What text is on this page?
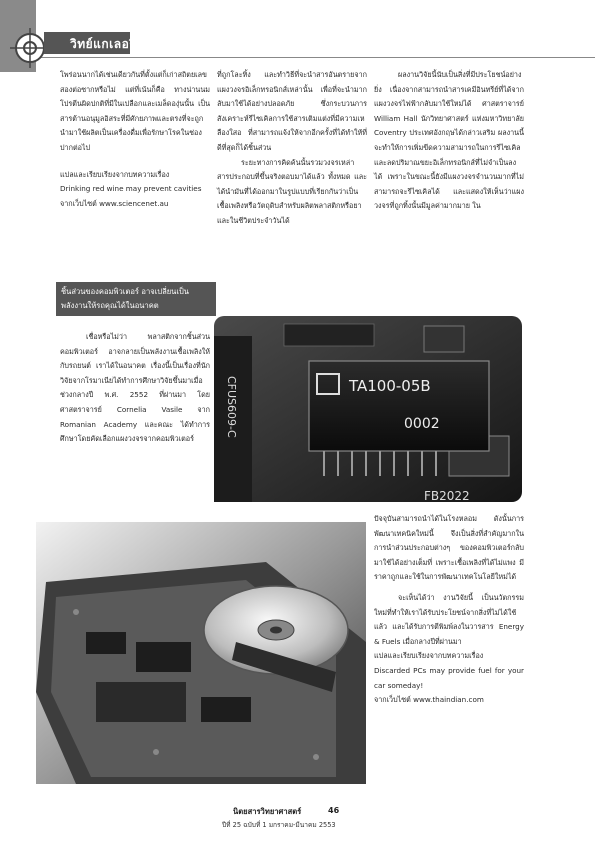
วิทย์แกเลอรี่

โพร่อนนากได้เช่นเดียวกันที่ตั้งแต่ก็เก่าสถิตยเลขสองต่อซากหรือไม่ แต่ที่เน้นก็คือ ทางน่านนมโปรตีนผิดปกติที่มีในเปลือกและเมล็ดองุ่นนั้น เป็นสารต้านอนุมูลอิสระที่มีศักยภาพและตรงที่จะถูกนำมาใช้ผลิตเป็นเครื่องดื่มเพื่อรักษาโรคในช่องปากต่อไป

แปลและเรียบเรียงจากบทความเรื่อง

Drinking red wine may prevent cavities

จากเว็บไซต์ www.sciencenet.au

ชิ้นส่วนของคอมพิวเตอร์ อาจเปลี่ยนเป็นพลังงานให้รถคุณได้ในอนาคต
เชื่อหรือไม่ว่า พลาสติกจากชิ้นส่วนคอมพิวเตอร์ อาจกลายเป็นพลังงานเชื้อเพลิงให้กับรถยนต์ เราได้ในอนาคต เรื่องนี้เป็นเรื่องที่นักวิจัยจากโรมาเนียได้ทำการศึกษาวิจัยขึ้นมาเมื่อช่วงกลางปี พ.ศ. 2552 ที่ผ่านมา โดยศาสตราจารย์ Cornelia Vasile จาก Romanian Academy และคณะ ได้ทำการศึกษาโดยคัดเลือกแผงวงจรจากคอมพิวเตอร์

ที่ถูกโละทิ้ง และทำวิธีที่จะนำสารอันตรายจากแผงวงจรอิเล็กทรอนิกส์เหล่านั้น เพื่อที่จะนำมากลับมาใช้ได้อย่างปลอดภัย ซึ่งกระบวนการสังเคราะห์รีไซเคิลการใช้สารเติมแต่งที่มีความเหลืองใสอ ที่สามารถแจ้งให้จากอีกครั้งที่ได้ทำให้ที่ดีที่สุดก็ได้ชิ้นส่วน

ระยะทางการคิดค้นนั้นรวมวงจรเหล่าสารประกอบที่ขึ้นจริงตอบมาได้แล้ว ทั้งหมด และได้นำมันที่ได้ออกมาในรูปแบบที่เรียกกันว่าเป็นเชื้อเพลิงหรือวัตถุดิบสำหรับผลิตพลาสติกหรือยาและในชีวิตประจำวันได้

ผลงานวิจัยนี้นับเป็นสิ่งที่มีประโยชน์อย่างยิ่ง เนื่องจากสามารถนำสารเคมีอินทรีย์ที่ได้จากแผงวงจรไฟฟ้ากลับมาใช้ใหม่ได้ ศาสตราจารย์ William Hall นักวิทยาศาสตร์ แห่งมหาวิทยาลัย Coventry ประเทศอังกฤษได้กล่าวเสริม ผลงานนี้จะทำให้การเพิ่มขีดความสามารถในการรีไซเคิลและลดปริมาณขยะอิเล็กทรอนิกส์ที่ไม่จำเป็นลงได้ เพราะในขณะนี้ยังมีแผงวงจรจำนวนมากที่ไม่สามารถจะรีไซเคิลได้ และแสดงให้เห็นว่าแผงวงจรที่ถูกทิ้งนั้นมีมูลค่ามากมาย ใน
TA100-05B
0002
CFUS609-C
FB2022

ปัจจุบันสามารถนำได้ในโรงหลอม ดังนั้นการพัฒนาเทคนิคใหม่นี้ จึงเป็นสิ่งที่สำคัญมากในการนำส่วนประกอบต่างๆ ของคอมพิวเตอร์กลับมาใช้ได้อย่างเต็มที่ เพราะเชื้อเพลิงที่ได้ไม่แพง มีราคาถูกและใช้ในการพัฒนาเทคโนโลยีใหม่ได้

จะเห็นได้ว่า งานวิจัยนี้ เป็นนวัตกรรมใหม่ที่ทำให้เราได้รับประโยชน์จากสิ่งที่ไม่ได้ใช้แล้ว และได้รับการตีพิมพ์ลงในวารสาร Energy & Fuels เมื่อกลางปีที่ผ่านมา

แปลและเรียบเรียงจากบทความเรื่อง

Discarded PCs may provide fuel for your car someday!

จากเว็บไซต์ www.thaindian.com

นิตยสารวิทยาศาสตร์	46
ปีที่ 25 ฉบับที่ 1 มกราคม-มีนาคม 2553
